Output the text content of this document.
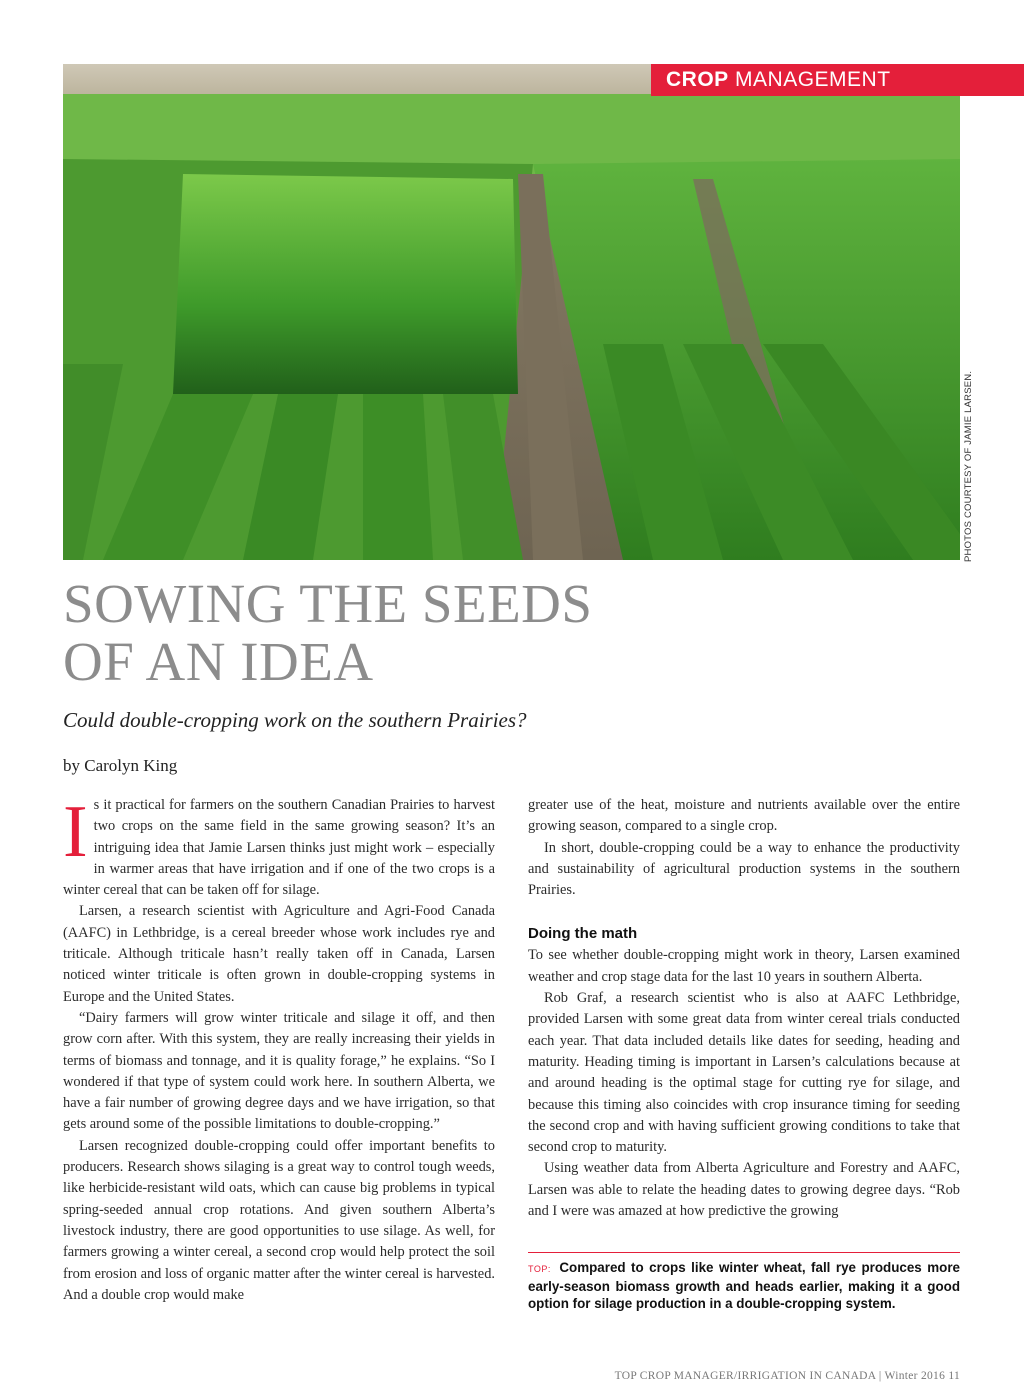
CROP MANAGEMENT
PHOTOS COURTESY OF JAMIE LARSEN.
SOWING THE SEEDS
OF AN IDEA

Could double-cropping work on the southern Prairies?

by Carolyn King

Is it practical for farmers on the southern Canadian Prairies to harvest two crops on the same field in the same growing season? It’s an intriguing idea that Jamie Larsen thinks just might work – especially in warmer areas that have irrigation and if one of the two crops is a winter cereal that can be taken off for silage.

Larsen, a research scientist with Agriculture and Agri-Food Canada (AAFC) in Lethbridge, is a cereal breeder whose work includes rye and triticale. Although triticale hasn’t really taken off in Canada, Larsen noticed winter triticale is often grown in double-cropping systems in Europe and the United States.

“Dairy farmers will grow winter triticale and silage it off, and then grow corn after. With this system, they are really increasing their yields in terms of biomass and tonnage, and it is quality forage,” he explains. “So I wondered if that type of system could work here. In southern Alberta, we have a fair number of growing degree days and we have irrigation, so that gets around some of the possible limitations to double-cropping.”

Larsen recognized double-cropping could offer important benefits to producers. Research shows silaging is a great way to control tough weeds, like herbicide-resistant wild oats, which can cause big problems in typical spring-seeded annual crop rotations. And given southern Alberta’s livestock industry, there are good opportunities to use silage. As well, for farmers growing a winter cereal, a second crop would help protect the soil from erosion and loss of organic matter after the winter cereal is harvested. And a double crop would make

greater use of the heat, moisture and nutrients available over the entire growing season, compared to a single crop.

In short, double-cropping could be a way to enhance the productivity and sustainability of agricultural production systems in the southern Prairies.

Doing the math

To see whether double-cropping might work in theory, Larsen examined weather and crop stage data for the last 10 years in southern Alberta.

Rob Graf, a research scientist who is also at AAFC Lethbridge, provided Larsen with some great data from winter cereal trials conducted each year. That data included details like dates for seeding, heading and maturity. Heading timing is important in Larsen’s calculations because at and around heading is the optimal stage for cutting rye for silage, and because this timing also coincides with crop insurance timing for seeding the second crop and with having sufficient growing conditions to take that second crop to maturity.

Using weather data from Alberta Agriculture and Forestry and AAFC, Larsen was able to relate the heading dates to growing degree days. “Rob and I were was amazed at how predictive the growing

TOP: Compared to crops like winter wheat, fall rye produces more early-season biomass growth and heads earlier, making it a good option for silage production in a double-cropping system.
TOP CROP MANAGER/IRRIGATION IN CANADA | Winter 2016 11
